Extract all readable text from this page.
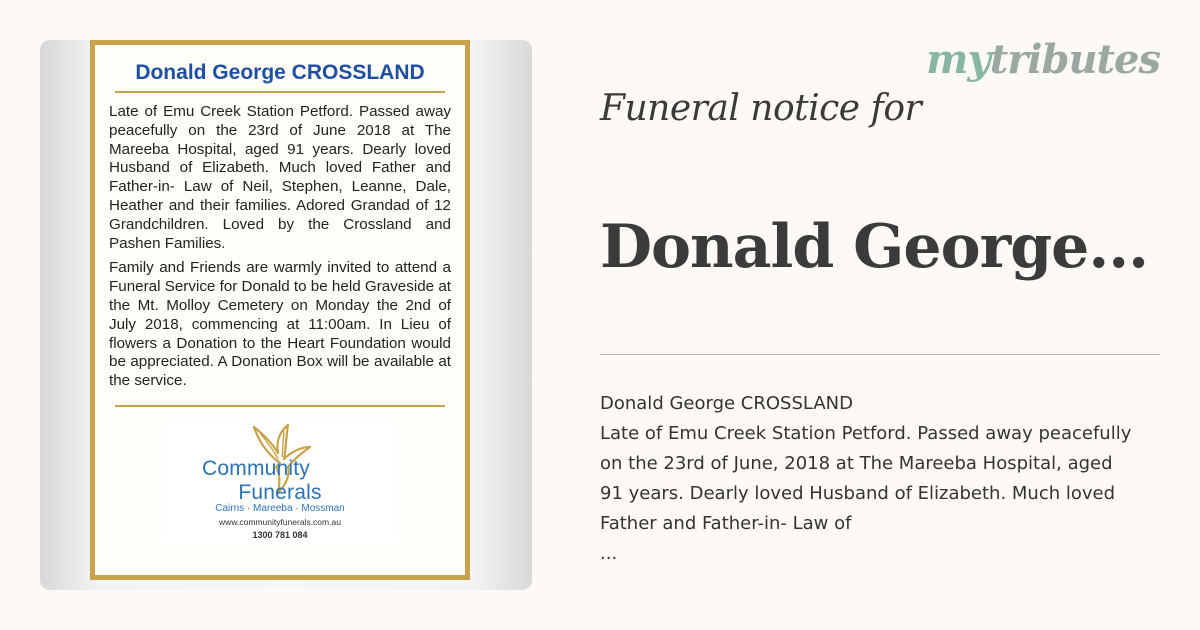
Donald George CROSSLAND

Late of Emu Creek Station Petford. Passed away peacefully on the 23rd of June 2018 at The Mareeba Hospital, aged 91 years. Dearly loved Husband of Elizabeth. Much loved Father and Father-in- Law of Neil, Stephen, Leanne, Dale, Heather and their families. Adored Grandad of 12 Grandchildren. Loved by the Crossland and Pashen Families.

Family and Friends are warmly invited to attend a Funeral Service for Donald to be held Graveside at the Mt. Molloy Cemetery on Monday the 2nd of July 2018, commencing at 11:00am. In Lieu of flowers a Donation to the Heart Foundation would be appreciated. A Donation Box will be available at the service.

CommunityFunerals
Cairns · Mareeba · Mossman
www.communityfunerals.com.au
1300 781 084
mytributes
Funeral notice for
Donald George...

Donald George CROSSLAND

Late of Emu Creek Station Petford. Passed away peacefully on the 23rd of June, 2018 at The Mareeba Hospital, aged 91 years. Dearly loved Husband of Elizabeth. Much loved Father and Father-in- Law of

...
